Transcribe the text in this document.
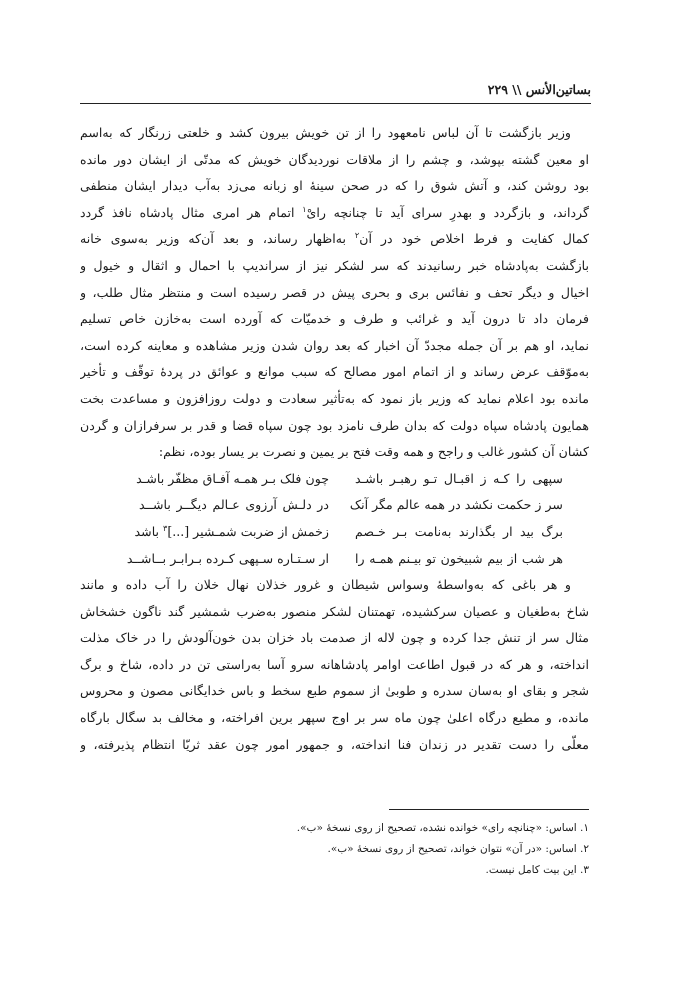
بساتین‌الأنس \\ ۲۲۹
وزیر بازگشت تا آن لباس نامعهود را از تن خویش بیرون کشد و خلعتی زرنگار که به‌اسم
او معین گشته بپوشد، و چشم را از ملاقات نوردیدگان خویش که مدتّی از ایشان دور مانده
بود روشن کند، و آتش شوق را که در صحن سینهٔ او زبانه می‌زد به‌آب دیدار ایشان منطفی
گرداند، و بازگردد و بهدرِ سرای آید تا چنانچه رایْ$^۱$ اتمام هر امری مثال پادشاه نافذ گردد
کمال کفایت و فرط اخلاص خود در آن$^۲$ به‌اظهار رساند، و بعد آن‌که وزیر به‌سوی خانه
بازگشت به‌پادشاه خبر رسانیدند که سر لشکر نیز از سراندیپ با احمال و اثقال و خیول و
اخیال و دیگر تحف و نفائس بری و بحری پیش در قصر رسیده است و منتظر مثال طلب، و
فرمان داد تا درون آید و غرائب و طرف و خدمیّات که آورده است به‌خازن خاص تسلیم
نماید، او هم بر آن جمله مجددّ آن اخبار که بعد روان شدن وزیر مشاهده و معاینه کرده است،
به‌موّقف عرض رساند و از اتمام امور مصالح که سبب موانع و عوائق در پردهٔ توقّف و تأخیر
مانده بود اعلام نماید که وزیر باز نمود که به‌تأثیر سعادت و دولت روزافزون و مساعدت بخت
همایون پادشاه سپاه دولت که بدان طرف نامزد بود چون سپاه قضا و قدر بر سرفرازان و گردن
کشان آن کشور غالب و راجح و همه وقت فتح بر یمین و نصرت بر یسار بوده، نظم:
سپهی را کـه ز اقبـال تـو رهبـر باشـد
چون فلک بـر همـه آفـاق مظفّر باشـد
سر ز حکمت نکشد در همه عالم مگر آنک
در دلـش آرزوی عـالم دیگــر باشــد
برگ بید ار بگذارند به‌نامت بـر خـصم
زخمش از ضربت شمـشیر [...]$^۳$ باشد
هر شب از بیم شبیخون تو بیـنم همـه را
ار سـتـاره سـپهی کـرده بـرابـر بــاشــد
و هر باغی که به‌واسطهٔ وسواس شیطان و غرور خذلان نهال خلان را آب داده و مانند
شاخ به‌طغیان و عصیان سرکشیده، تهمتنان لشکر منصور به‌ضرب شمشیر گند ناگون خشخاش
مثال سر از تنش جدا کرده و چون لاله از صدمت باد خزان بدن خون‌آلودش را در خاک مذلت
انداخته، و هر که در قبول اطاعت اوامر پادشاهانه سرو آسا به‌راستی تن در داده، شاخ و برگ
شجر و بقای او به‌سان سدره و طوبیٰ از سموم طبع سخط و باس خدایگانی مصون و محروس
مانده، و مطیع درگاه اعلیٰ چون ماه سر بر اوج سپهر برین افراخته، و مخالف بد سگال بارگاه
معلّی را دست تقدیر در زندان فنا انداخته، و جمهور امور چون عقد ثریّا انتظام پذیرفته، و
۱. اساس: «چنانچه رای» خوانده نشده، تصحیح از روی نسخهٔ «ب».
۲. اساس: «در آن» نتوان خواند، تصحیح از روی نسخهٔ «ب».
۳. این بیت کامل نیست.
